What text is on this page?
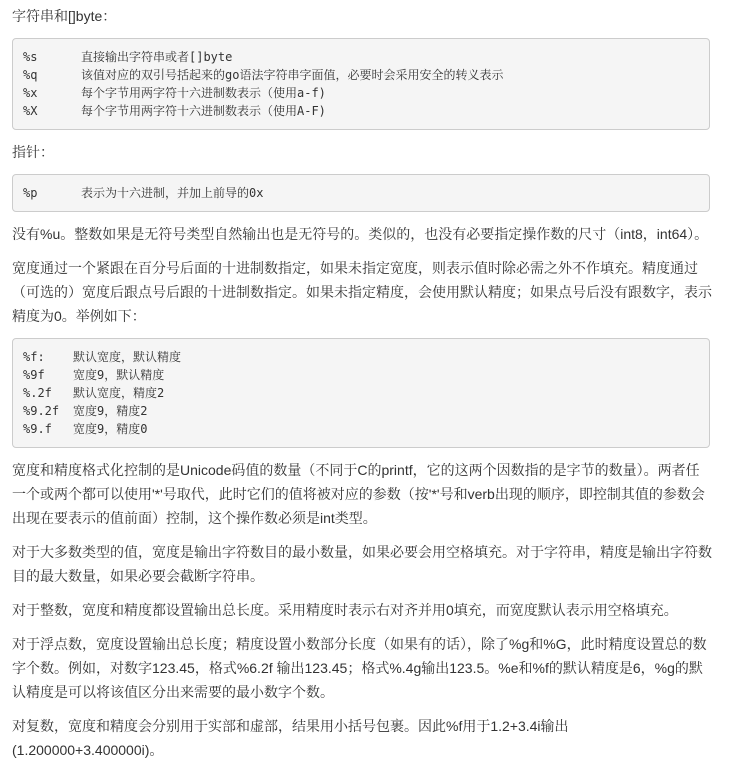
字符串和[]byte：

%s	直接输出字符串或者[]byte
%q	该值对应的双引号括起来的go语法字符串字面值，必要时会采用安全的转义表示
%x	每个字节用两字符十六进制数表示（使用a-f)
%X	每个字节用两字符十六进制数表示（使用A-F)

指针：

%p	表示为十六进制，并加上前导的0x

没有%u。整数如果是无符号类型自然输出也是无符号的。类似的，也没有必要指定操作数的尺寸（int8，int64）。

宽度通过一个紧跟在百分号后面的十进制数指定，如果未指定宽度，则表示值时除必需之外不作填充。精度通过（可选的）宽度后跟点号后跟的十进制数指定。如果未指定精度，会使用默认精度；如果点号后没有跟数字，表示精度为0。举例如下：

%f:	默认宽度，默认精度
%9f	宽度9，默认精度
%.2f	默认宽度，精度2
%9.2f	宽度9，精度2
%9.f	宽度9，精度0

宽度和精度格式化控制的是Unicode码值的数量（不同于C的printf，它的这两个因数指的是字节的数量）。两者任一个或两个都可以使用'*'号取代，此时它们的值将被对应的参数（按'*'号和verb出现的顺序，即控制其值的参数会出现在要表示的值前面）控制，这个操作数必须是int类型。

对于大多数类型的值，宽度是输出字符数目的最小数量，如果必要会用空格填充。对于字符串，精度是输出字符数目的最大数量，如果必要会截断字符串。

对于整数，宽度和精度都设置输出总长度。采用精度时表示右对齐并用0填充，而宽度默认表示用空格填充。

对于浮点数，宽度设置输出总长度；精度设置小数部分长度（如果有的话），除了%g和%G，此时精度设置总的数字个数。例如，对数字123.45，格式%6.2f 输出123.45；格式%.4g输出123.5。%e和%f的默认精度是6，%g的默认精度是可以将该值区分出来需要的最小数字个数。

对复数，宽度和精度会分别用于实部和虚部，结果用小括号包裹。因此%f用于1.2+3.4i输出(1.200000+3.400000i)。
